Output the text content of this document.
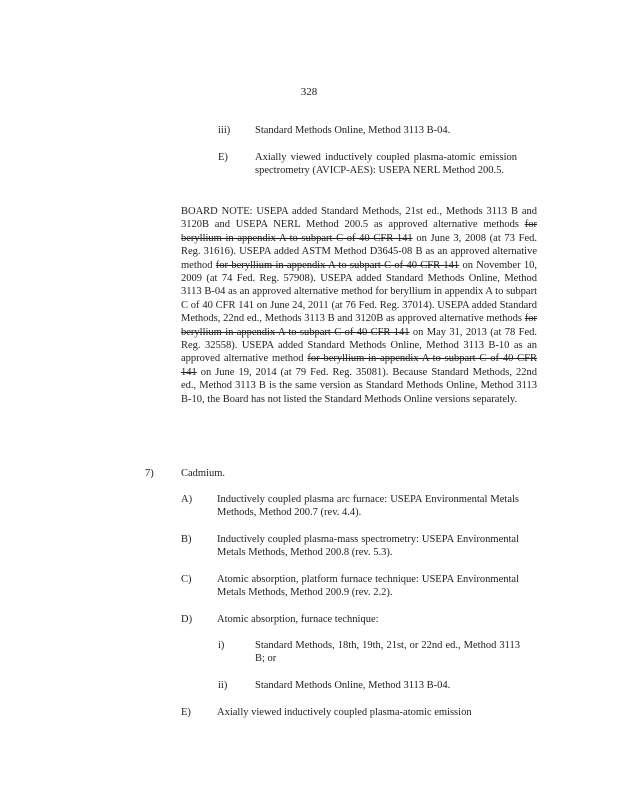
328
iii) Standard Methods Online, Method 3113 B-04.
E)	Axially viewed inductively coupled plasma-atomic emission spectrometry (AVICP-AES): USEPA NERL Method 200.5.
BOARD NOTE: USEPA added Standard Methods, 21st ed., Methods 3113 B and 3120B and USEPA NERL Method 200.5 as approved alternative methods for beryllium in appendix A to subpart C of 40 CFR 141 on June 3, 2008 (at 73 Fed. Reg. 31616). USEPA added ASTM Method D3645-08 B as an approved alternative method for beryllium in appendix A to subpart C of 40 CFR 141 on November 10, 2009 (at 74 Fed. Reg. 57908). USEPA added Standard Methods Online, Method 3113 B-04 as an approved alternative method for beryllium in appendix A to subpart C of 40 CFR 141 on June 24, 2011 (at 76 Fed. Reg. 37014). USEPA added Standard Methods, 22nd ed., Methods 3113 B and 3120B as approved alternative methods for beryllium in appendix A to subpart C of 40 CFR 141 on May 31, 2013 (at 78 Fed. Reg. 32558). USEPA added Standard Methods Online, Method 3113 B-10 as an approved alternative method for beryllium in appendix A to subpart C of 40 CFR 141 on June 19, 2014 (at 79 Fed. Reg. 35081). Because Standard Methods, 22nd ed., Method 3113 B is the same version as Standard Methods Online, Method 3113 B-10, the Board has not listed the Standard Methods Online versions separately.
7)	Cadmium.
A) Inductively coupled plasma arc furnace: USEPA Environmental Metals Methods, Method 200.7 (rev. 4.4).
B) Inductively coupled plasma-mass spectrometry: USEPA Environmental Metals Methods, Method 200.8 (rev. 5.3).
C) Atomic absorption, platform furnace technique: USEPA Environmental Metals Methods, Method 200.9 (rev. 2.2).
D) Atomic absorption, furnace technique:
i)	Standard Methods, 18th, 19th, 21st, or 22nd ed., Method 3113 B; or
ii)	Standard Methods Online, Method 3113 B-04.
E) Axially viewed inductively coupled plasma-atomic emission
